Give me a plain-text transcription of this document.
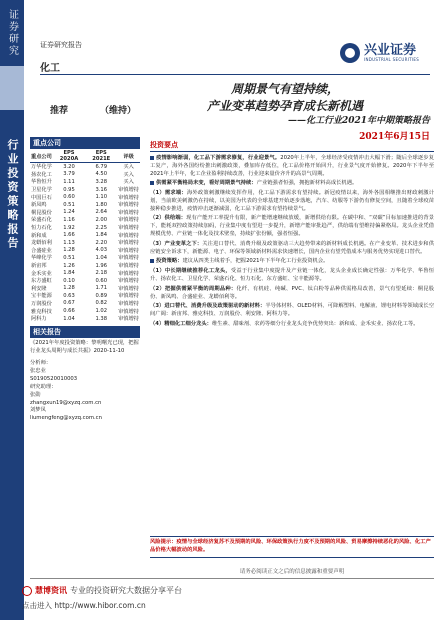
证券研究
行业投资策略报告
证券研究报告
化工
兴业证券
INDUSTRIAL SECURITIES
推荐	（维持）
周期景气有望持续，
产业变革趋势孕育成长新机遇
——化工行业2021年中期策略报告
2021年6月15日
重点公司
重点公司	EPS 2020A	EPS 2021E	评级
万华化学	3.20	6.79	买入
扬农化工	3.79	4.50	买入
华鲁恒升	1.11	3.28	买入
卫星化学	0.95	3.16	审慎增持
中国巨石	0.60	1.10	审慎增持
新凤鸣	0.51	1.80	审慎增持
桐昆股份	1.24	2.64	审慎增持
荣盛石化	1.16	2.00	审慎增持
恒力石化	1.92	2.25	审慎增持
新和成	1.66	1.84	审慎增持
龙蟒佰利	1.13	2.20	审慎增持
合盛硅业	1.28	4.03	审慎增持
华峰化学	0.51	1.04	审慎增持
新宙邦	1.26	1.96	审慎增持
金禾实业	1.84	2.18	审慎增持
东方盛虹	0.10	0.60	审慎增持
利安隆	1.28	1.71	审慎增持
宝丰能源	0.63	0.89	审慎增持
万润股份	0.67	0.82	审慎增持
雅克科技	0.66	1.02	审慎增持
阿科力	1.04	1.38	审慎增持
相关报告
《2021年年度投资策略：黎明曙光已现，把握行业龙头周期与成长共振》2020-11-10
分析师：
张忠业
S0190520010003
研究助理：
张勋
zhangxun19@xyzq.com.cn
刘梦凤
liumengfeng@xyzq.com.cn
投资要点
疫情影响渐弱，化工品下游需求修复，行业迎景气。2020年上半年，全球经济受疫情冲击大幅下滑；随后全球逐步复工复产，海外各国纷纷推出刺激政策，叠加库存低位，化工品价格开始回升，行业景气度开始修复。2020年下半年至2021年上半年，化工企业盈利持续改善，行业迎来量价齐升的高景气周期。
供需紧平衡格局未变，看好周期景气持续：产业链强者恒强，拥抱新材料高成长机遇。
（1）需求端：海外政策刺激继续发挥作用，化工品下游需求有望持续。新冠疫情以来，海外各国相继推出财政刺激计划，当前欧美刺激仍在持续，以美国为代表的全球基建开始逐步落地，汽车、纺服等下游仍有修复空间，且随着全球疫苗接种稳步推进，疫情冲击逐渐减弱，化工品下游需求有望持续景气。
（2）供给端：现有产能开工率提升有限，新产能增速继续放缓，新增供给有限。在碳中和、“双碳”目标加速推进的背景下，能耗双控政策持续加码，行业集中度有望进一步提升，新增产能审批趋严，供给端有望维持偏紧格局。龙头企业凭借规模优势、产业链一体化及技术壁垒，持续扩张份额，强者恒强。
（3）产业变革之下：关注进口替代、消费升级及政策驱动三大趋势带来的新材料成长机遇。在产业变革、技术进步和供应链安全诉求下，新能源、电子、环保等领域新材料需求快速增长，国内企业有望凭借成本与服务优势实现进口替代。
投资策略：建议从四类主线着手，把握2021年下半年化工行业投资机会。
（1）中长期继续推荐化工龙头，受益于行业集中度提升及产业链一体化，龙头企业成长确定性强：万华化学、华鲁恒升、扬农化工、卫星化学、荣盛石化、恒力石化、东方盛虹、宝丰能源等。
（2）把握供需紧平衡的周期品种：化纤、有机硅、纯碱、PVC、钛白粉等品种供需格局改善，景气有望延续：桐昆股份、新凤鸣、合盛硅业、龙蟒佰利等。
（3）进口替代、消费升级及政策驱动的新材料：半导体材料、OLED材料、可降解塑料、电解液、锂电材料等领域成长空间广阔：新宙邦、雅克科技、万润股份、利安隆、阿科力等。
（4）精细化工细分龙头：维生素、甜味剂、农药等细分行业龙头竞争优势突出：新和成、金禾实业、扬农化工等。
风险提示：疫情与全球经济复苏不及预期的风险、环保政策执行力度不及预期的风险、贸易摩擦持续恶化的风险、化工产品价格大幅波动的风险。
请务必阅读正文之后的信息披露和重要声明
慧博资讯 专业的投资研究大数据分享平台
点击进入 http://www.hibor.com.cn
